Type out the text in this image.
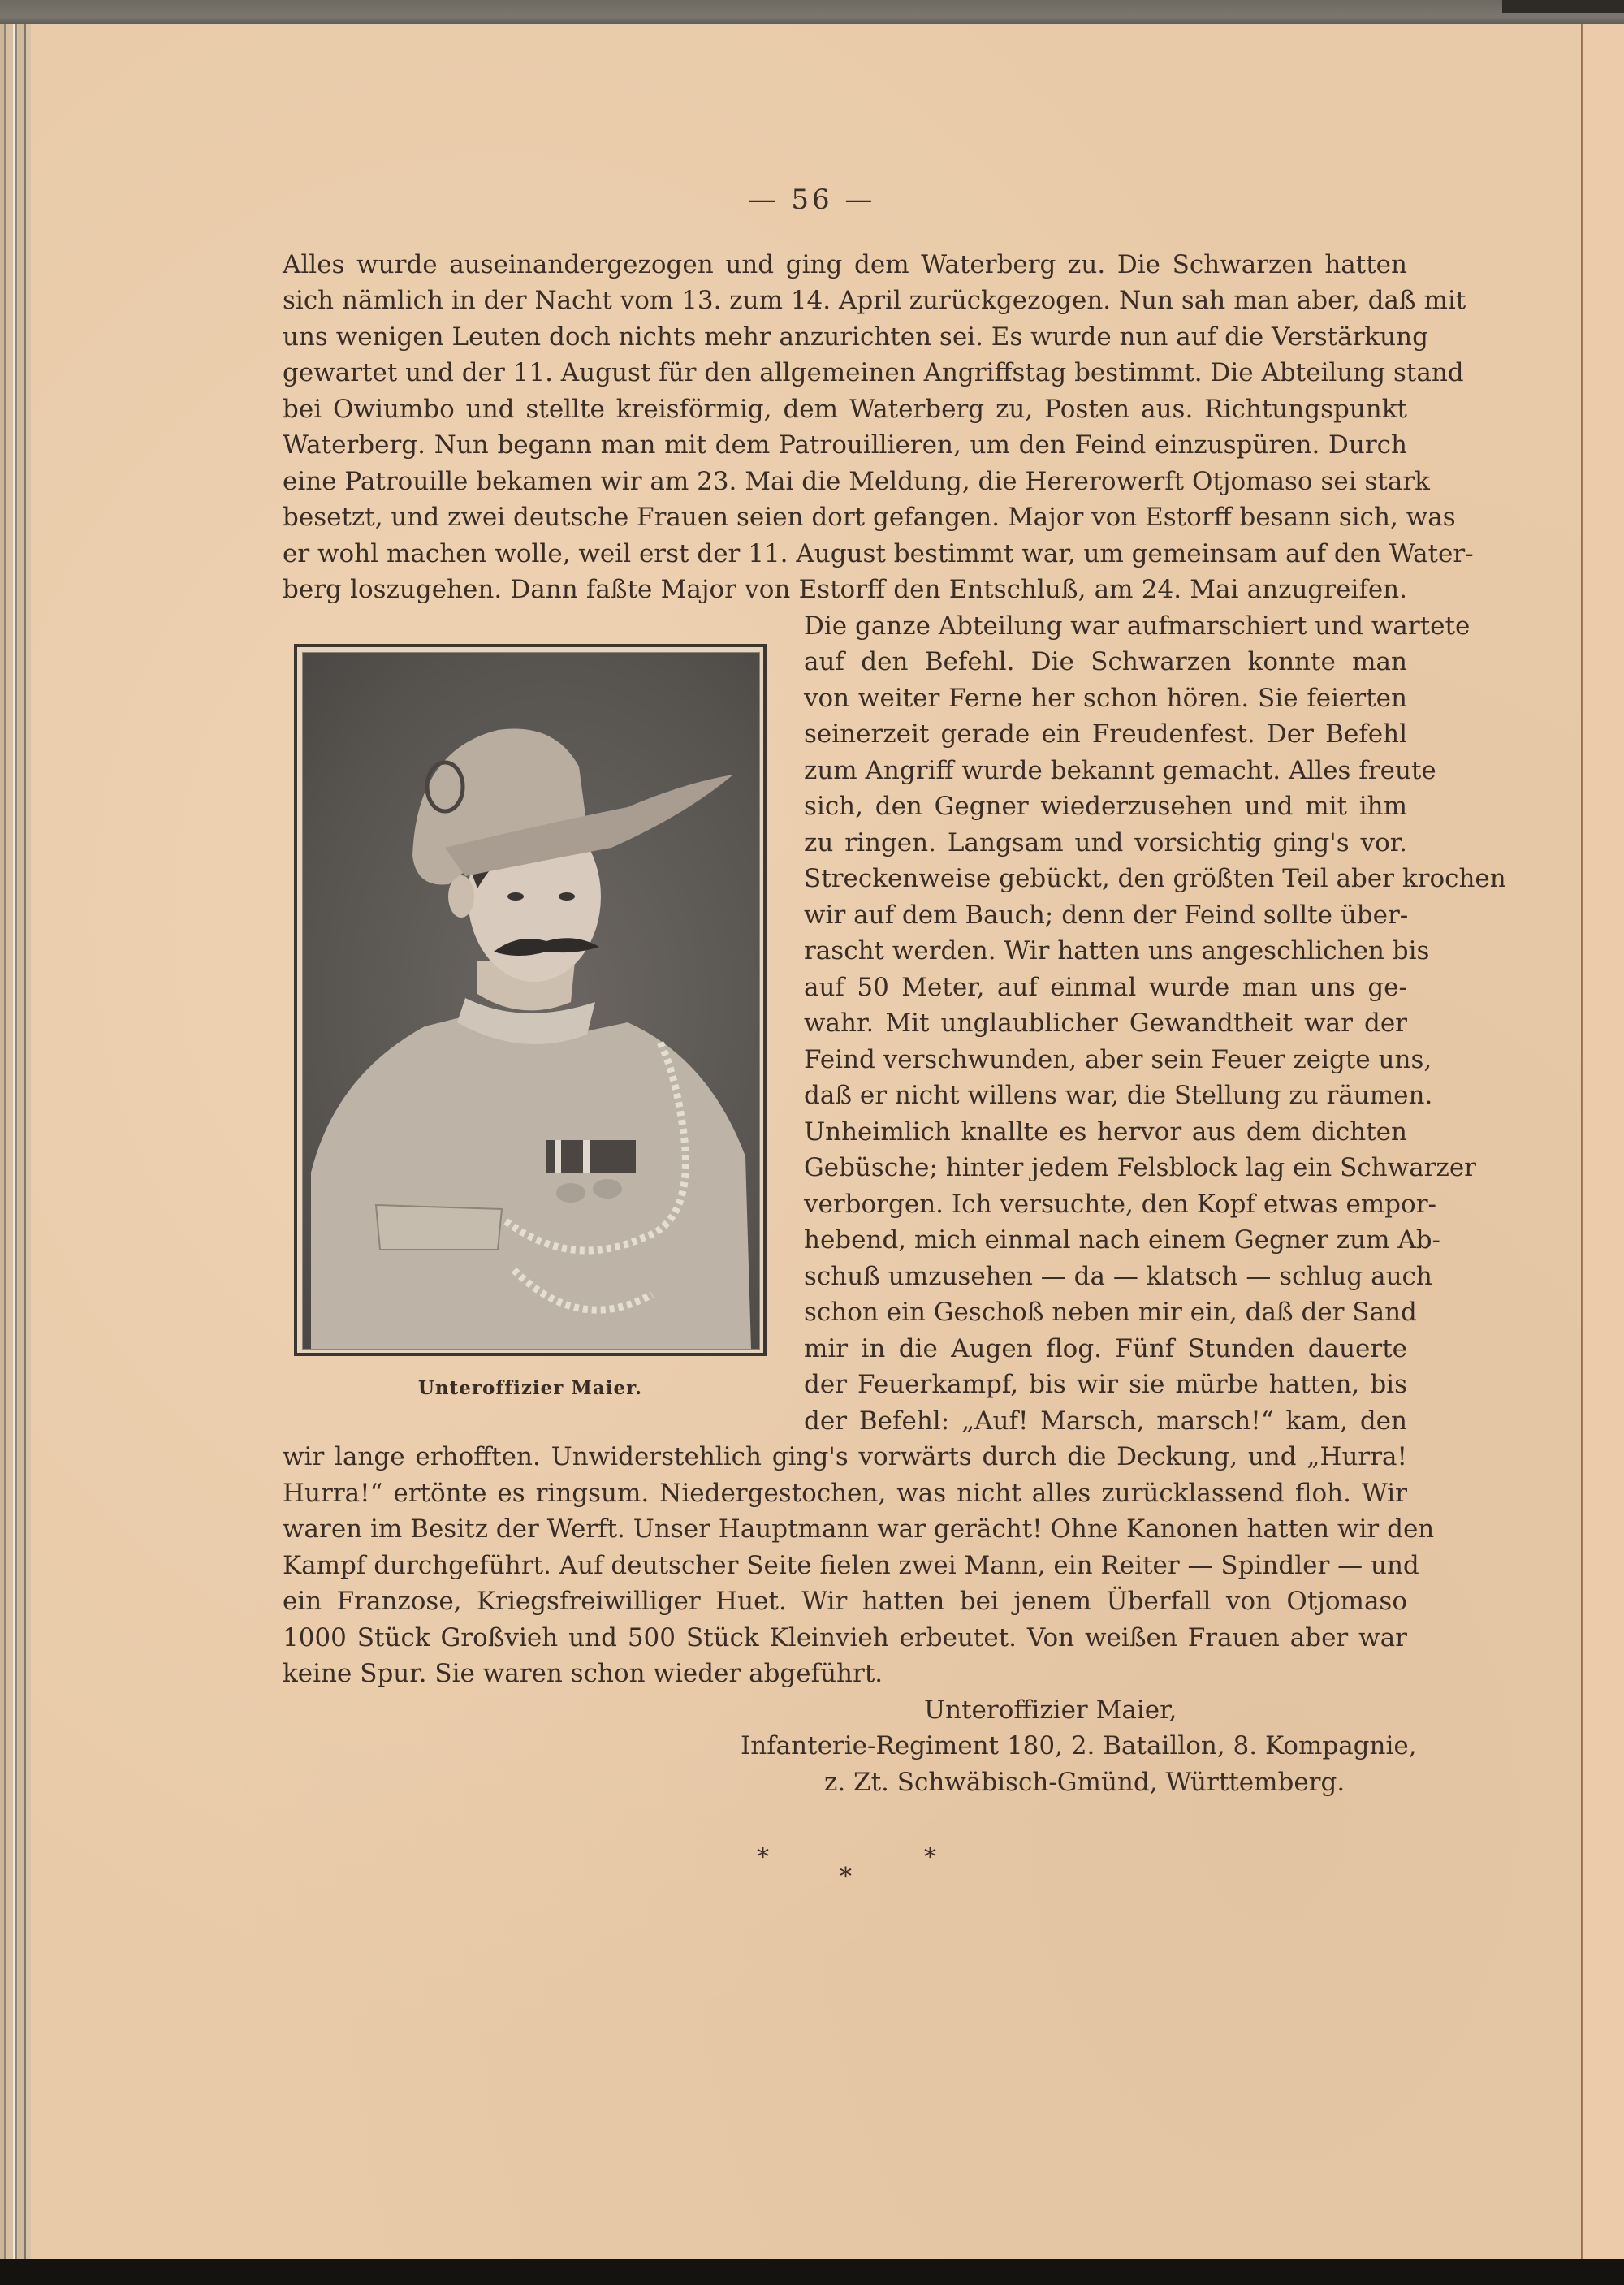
— 56 —
Alles wurde auseinandergezogen und ging dem Waterberg zu. Die Schwarzen hatten
sich nämlich in der Nacht vom 13. zum 14. April zurückgezogen. Nun sah man aber, daß mit
uns wenigen Leuten doch nichts mehr anzurichten sei. Es wurde nun auf die Verstärkung
gewartet und der 11. August für den allgemeinen Angriffstag bestimmt. Die Abteilung stand
bei Owiumbo und stellte kreisförmig, dem Waterberg zu, Posten aus. Richtungspunkt
Waterberg. Nun begann man mit dem Patrouillieren, um den Feind einzuspüren. Durch
eine Patrouille bekamen wir am 23. Mai die Meldung, die Hererowerft Otjomaso sei stark
besetzt, und zwei deutsche Frauen seien dort gefangen. Major von Estorff besann sich, was
er wohl machen wolle, weil erst der 11. August bestimmt war, um gemeinsam auf den Water-
berg loszugehen. Dann faßte Major von Estorff den Entschluß, am 24. Mai anzugreifen.
Unteroffizier Maier.
Die ganze Abteilung war aufmarschiert und wartete
auf den Befehl. Die Schwarzen konnte man
von weiter Ferne her schon hören. Sie feierten
seinerzeit gerade ein Freudenfest. Der Befehl
zum Angriff wurde bekannt gemacht. Alles freute
sich, den Gegner wiederzusehen und mit ihm
zu ringen. Langsam und vorsichtig ging's vor.
Streckenweise gebückt, den größten Teil aber krochen
wir auf dem Bauch; denn der Feind sollte über-
rascht werden. Wir hatten uns angeschlichen bis
auf 50 Meter, auf einmal wurde man uns ge-
wahr. Mit unglaublicher Gewandtheit war der
Feind verschwunden, aber sein Feuer zeigte uns,
daß er nicht willens war, die Stellung zu räumen.
Unheimlich knallte es hervor aus dem dichten
Gebüsche; hinter jedem Felsblock lag ein Schwarzer
verborgen. Ich versuchte, den Kopf etwas empor-
hebend, mich einmal nach einem Gegner zum Ab-
schuß umzusehen — da — klatsch — schlug auch
schon ein Geschoß neben mir ein, daß der Sand
mir in die Augen flog. Fünf Stunden dauerte
der Feuerkampf, bis wir sie mürbe hatten, bis
der Befehl: „Auf! Marsch, marsch!“ kam, den
wir lange erhofften. Unwiderstehlich ging's vorwärts durch die Deckung, und „Hurra!
Hurra!“ ertönte es ringsum. Niedergestochen, was nicht alles zurücklassend floh. Wir
waren im Besitz der Werft. Unser Hauptmann war gerächt! Ohne Kanonen hatten wir den
Kampf durchgeführt. Auf deutscher Seite fielen zwei Mann, ein Reiter — Spindler — und
ein Franzose, Kriegsfreiwilliger Huet. Wir hatten bei jenem Überfall von Otjomaso
1000 Stück Großvieh und 500 Stück Kleinvieh erbeutet. Von weißen Frauen aber war
keine Spur. Sie waren schon wieder abgeführt.
Unteroffizier Maier,
Infanterie-Regiment 180, 2. Bataillon, 8. Kompagnie,
z. Zt. Schwäbisch-Gmünd, Württemberg.
*	*
*
